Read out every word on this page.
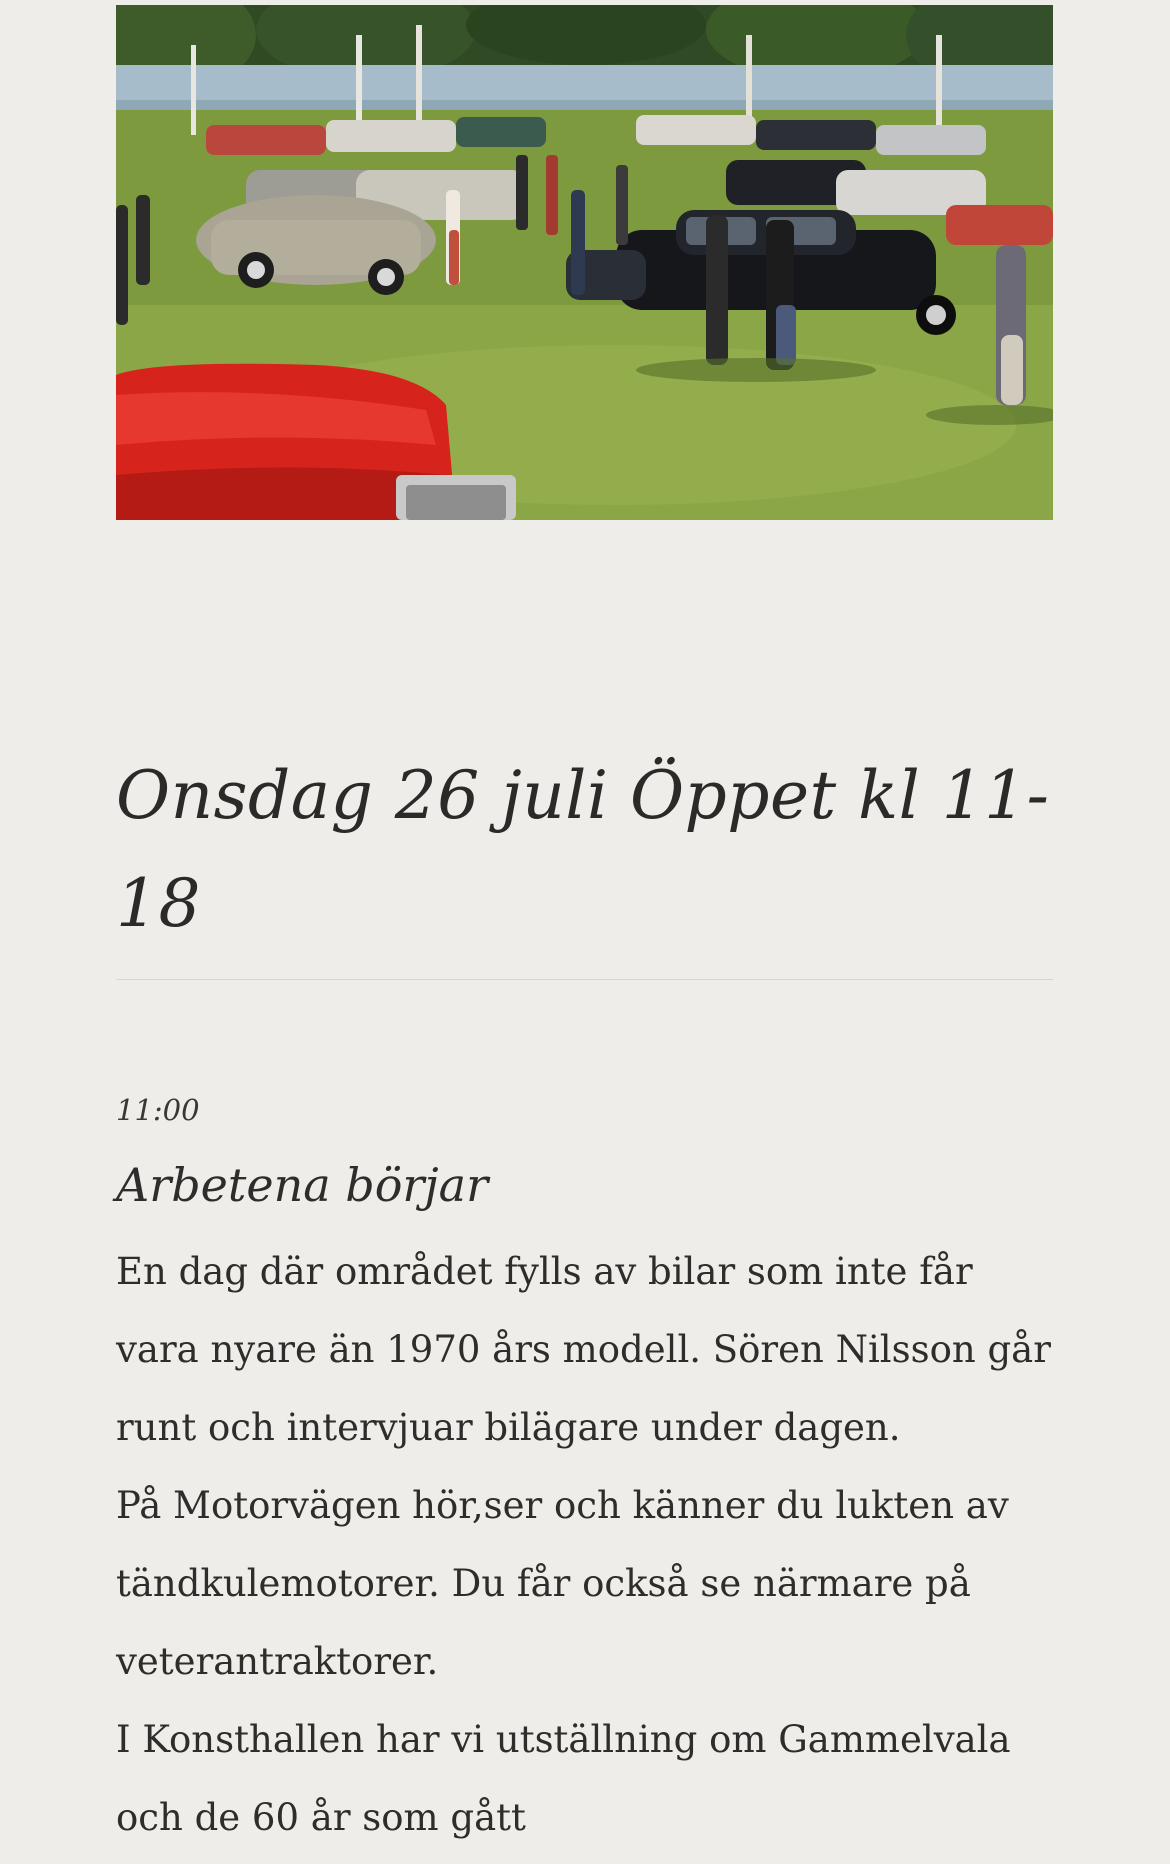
Onsdag 26 juli Öppet kl 11-18
11:00
Arbetena börjar

En dag där området fylls av bilar som inte får vara nyare än 1970 års modell. Sören Nilsson går runt och intervjuar bilägare under dagen.
På Motorvägen hör,ser och känner du lukten av tändkulemotorer. Du får också se närmare på veterantraktorer.
I Konsthallen har vi utställning om Gammelvala och de 60 år som gått
